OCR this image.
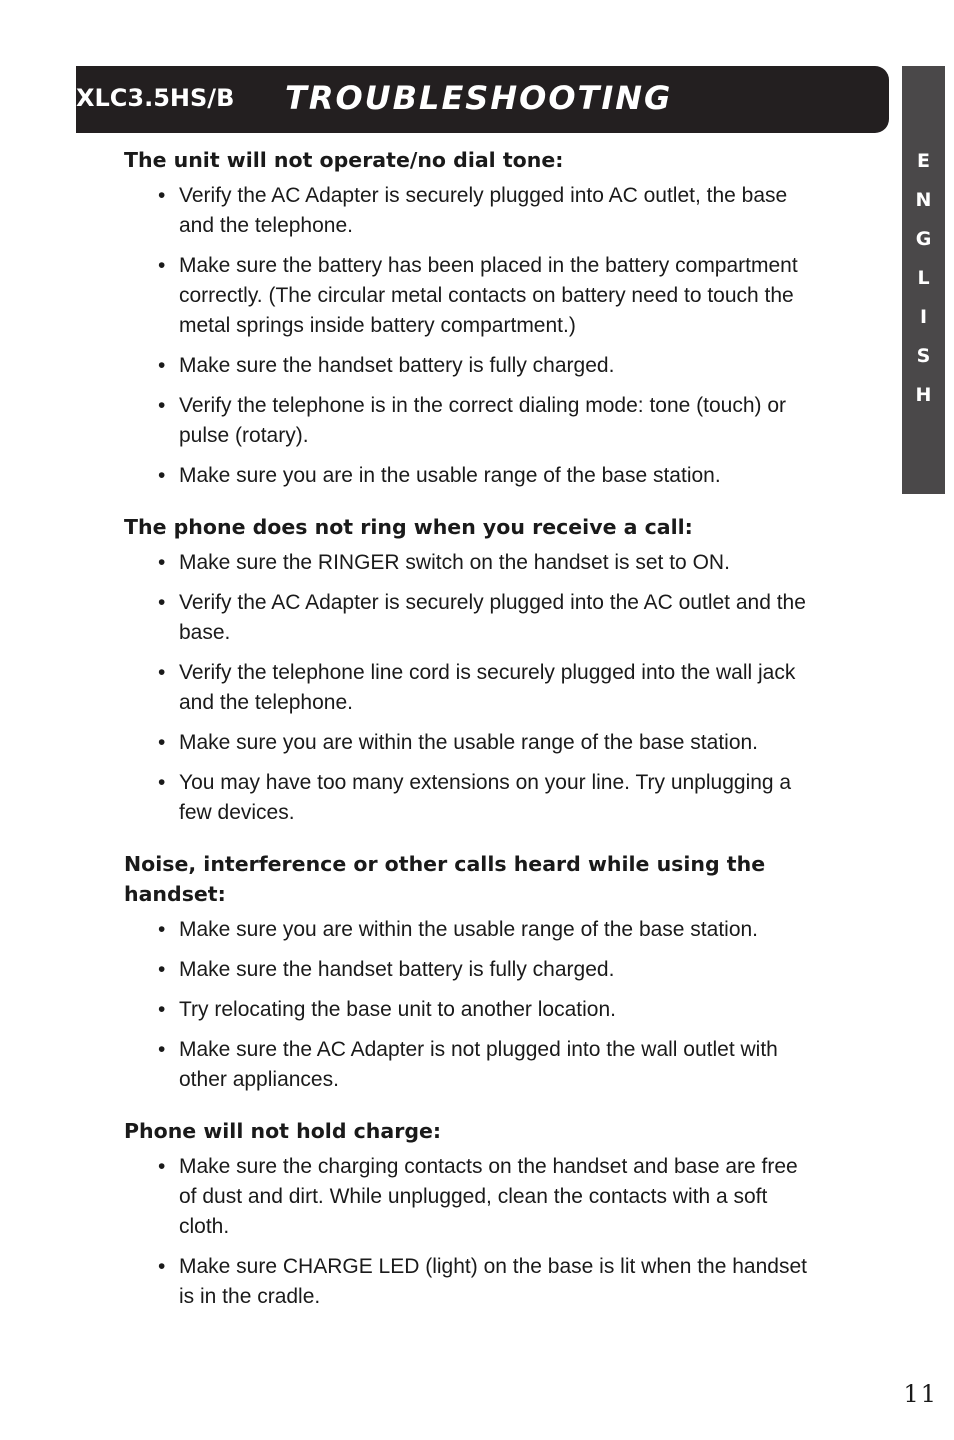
XLC3.5HS/B TROUBLESHOOTING
E
N
G
L
I
S
H
The unit will not operate/no dial tone:
• Verify the AC Adapter is securely plugged into AC outlet, the base and the telephone.
• Make sure the battery has been placed in the battery compartment correctly. (The circular metal contacts on battery need to touch the metal springs inside battery compartment.)
• Make sure the handset battery is fully charged.
• Verify the telephone is in the correct dialing mode: tone (touch) or pulse (rotary).
• Make sure you are in the usable range of the base station.
The phone does not ring when you receive a call:
• Make sure the RINGER switch on the handset is set to ON.
• Verify the AC Adapter is securely plugged into the AC outlet and the base.
• Verify the telephone line cord is securely plugged into the wall jack and the telephone.
• Make sure you are within the usable range of the base station.
• You may have too many extensions on your line. Try unplugging a few devices.
Noise, interference or other calls heard while using the handset:
• Make sure you are within the usable range of the base station.
• Make sure the handset battery is fully charged.
• Try relocating the base unit to another location.
• Make sure the AC Adapter is not plugged into the wall outlet with other appliances.
Phone will not hold charge:
• Make sure the charging contacts on the handset and base are free of dust and dirt. While unplugged, clean the contacts with a soft cloth.
• Make sure CHARGE LED (light) on the base is lit when the handset is in the cradle.
11
